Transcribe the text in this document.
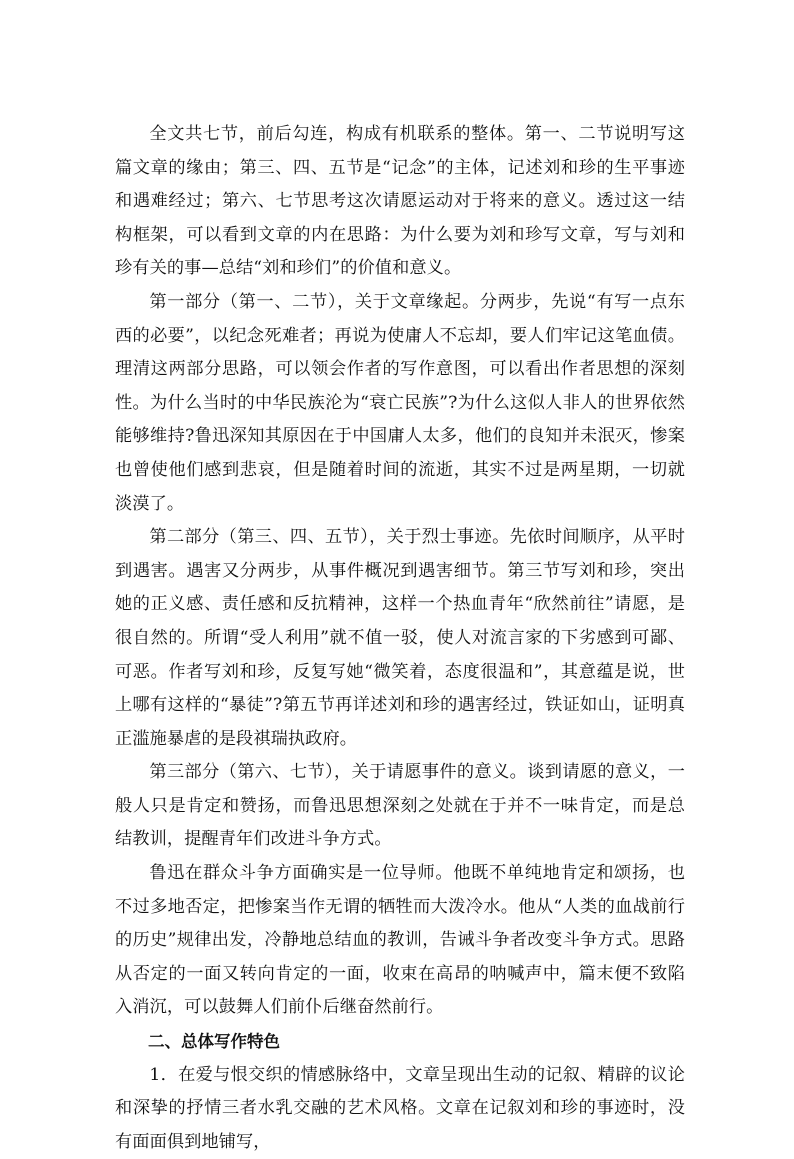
全文共七节，前后勾连，构成有机联系的整体。第一、二节说明写这篇文章的缘由；第三、四、五节是“记念”的主体，记述刘和珍的生平事迹和遇难经过；第六、七节思考这次请愿运动对于将来的意义。透过这一结构框架，可以看到文章的内在思路：为什么要为刘和珍写文章，写与刘和珍有关的事—总结“刘和珍们”的价值和意义。

第一部分（第一、二节），关于文章缘起。分两步，先说“有写一点东西的必要”，以纪念死难者；再说为使庸人不忘却，要人们牢记这笔血债。理清这两部分思路，可以领会作者的写作意图，可以看出作者思想的深刻性。为什么当时的中华民族沦为“衰亡民族”?为什么这似人非人的世界依然能够维持?鲁迅深知其原因在于中国庸人太多，他们的良知并未泯灭，惨案也曾使他们感到悲哀，但是随着时间的流逝，其实不过是两星期，一切就淡漠了。

第二部分（第三、四、五节），关于烈士事迹。先依时间顺序，从平时到遇害。遇害又分两步，从事件概况到遇害细节。第三节写刘和珍，突出她的正义感、责任感和反抗精神，这样一个热血青年“欣然前往”请愿，是很自然的。所谓“受人利用”就不值一驳，使人对流言家的下劣感到可鄙、可恶。作者写刘和珍，反复写她“微笑着，态度很温和”，其意蕴是说，世上哪有这样的“暴徒”?第五节再详述刘和珍的遇害经过，铁证如山，证明真正滥施暴虐的是段祺瑞执政府。

第三部分（第六、七节），关于请愿事件的意义。谈到请愿的意义，一般人只是肯定和赞扬，而鲁迅思想深刻之处就在于并不一味肯定，而是总结教训，提醒青年们改进斗争方式。

鲁迅在群众斗争方面确实是一位导师。他既不单纯地肯定和颂扬，也不过多地否定，把惨案当作无谓的牺牲而大泼冷水。他从“人类的血战前行的历史”规律出发，冷静地总结血的教训，告诫斗争者改变斗争方式。思路从否定的一面又转向肯定的一面，收束在高昂的呐喊声中，篇末便不致陷入消沉，可以鼓舞人们前仆后继奋然前行。

二、总体写作特色

1．在爱与恨交织的情感脉络中，文章呈现出生动的记叙、精辟的议论和深挚的抒情三者水乳交融的艺术风格。文章在记叙刘和珍的事迹时，没有面面俱到地铺写，
